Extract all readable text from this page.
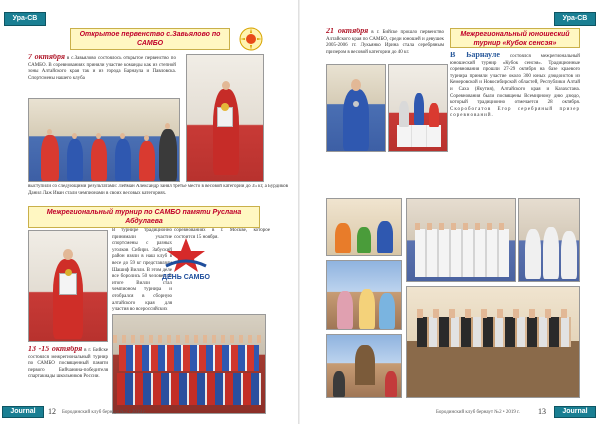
Ура-СВ
Открытое первенство с.Завьялово по САМБО
7 октября в с.Завьялово состоялось открытое первенство по САМБО. В соревнованиях приняли участие команды как из степной зоны Алтайского края так и из города Барнаула и Павловска. Спортсмены нашего клуба
выступили со следующими результатами: Лейман Александр занял третье место в весовой категории до 35 кг, а Бурдиков Данил Лаж Иван стали чемпионами в своих весовых категориях.
Межрегиональный турнир по САМБО памяти Руслана Абдулаева
В турнире традиционно принимали участие спортсмены с разных уголков Сибири. Забуский район взяли в наш клуб в весе до 59 кг представляли Шашиф Вилли. В этом деле все боролись 50 человек. В итоге Вилли стал чемпионом турнира и отобрался в сборную алтайского края для участия во всероссийских
ДЕНЬ САМБО
соревнованиях в г. Москве, которое состоится 15 ноября.
13 -15 октября в г. Бийске состоялся межрегиональный турнир по САМБО посвященный памяти первого Бийчанина-победителя спартакиады школьников России.
Journal	12 Бородинский клуб бернаут №2 • 2019 г.
Ура-СВ
21 октября в г. Бийске прошло первенство Алтайского края по САМБО, среди юношей и девушек 2005-2006 гг. Лукьянко Ирина стала серебряным призером в весовой категории до 40 кг.
Межрегиональный юношеский турнир «Кубок сенсэя»
В Барнауле состоялся межрегиональный юношеский турнир «Кубок сенсэя». Традиционные соревнования прошли 27-29 октября на базе краевого турнира приняли участие около 300 юных дзюдоистов из Кемеровской и Новосибирской областей, Республики Алтай и Саха (Якутия), Алтайского края и Казахстана. Соревнования были посвящены Всемирному дню дзюдо, который традиционно отмечается 28 октября. Скоробогатов Егор серебряный призер соревнований.
Бородинский клуб бернаут №2 • 2019 г. 13	Journal
